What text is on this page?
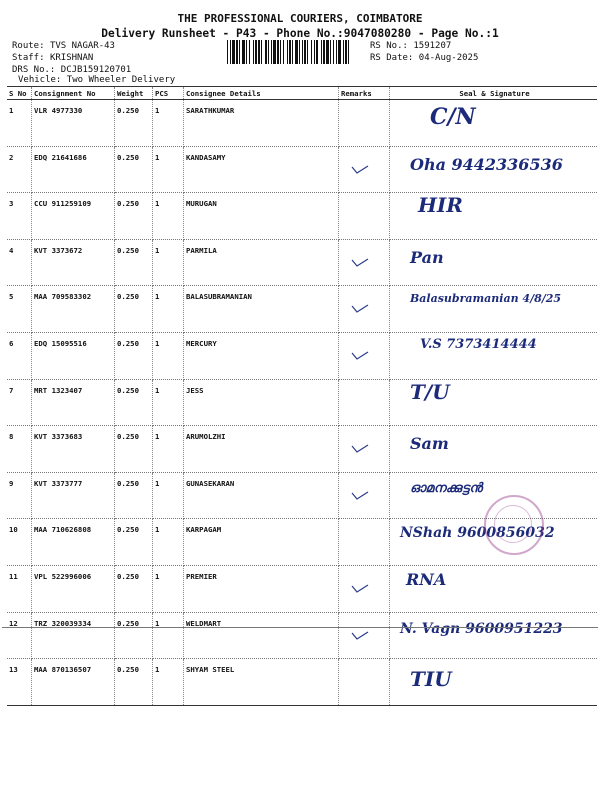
THE PROFESSIONAL COURIERS, COIMBATORE
Delivery Runsheet - P43 - Phone No.:9047080280 - Page No.:1
Route: TVS NAGAR-43
Staff: KRISHNAN
DRS No.: DCJB159120701
Vehicle: Two Wheeler Delivery
RS No.: 1591207
RS Date: 04-Aug-2025
S No	Consignment No	Weight	PCS	Consignee Details	Remarks	Seal & Signature
1	VLR 4977330	0.250	1	SARATHKUMAR		C/N

2	EDQ 21641686	0.250	1	KANDASAMY		Oha 9442336536

3	CCU 911259109	0.250	1	MURUGAN		HIR

4	KVT 3373672	0.250	1	PARMILA		Pan

5	MAA 709583302	0.250	1	BALASUBRAMANIAN		Balasubramanian 4/8/25

6	EDQ 15095516	0.250	1	MERCURY		V.S 7373414444

7	MRT 1323407	0.250	1	JESS		T/U

8	KVT 3373683	0.250	1	ARUMOLZHI		Sam

9	KVT 3373777	0.250	1	GUNASEKARAN		ഓമനക്കുട്ടൻ

10	MAA 710626808	0.250	1	KARPAGAM		NShah 9600856032

11	VPL 522996006	0.250	1	PREMIER		RNA

12	TRZ 320039334	0.250	1	WELDMART		N. Vagn 9600951223

13	MAA 870136507	0.250	1	SHYAM STEEL		TIU
